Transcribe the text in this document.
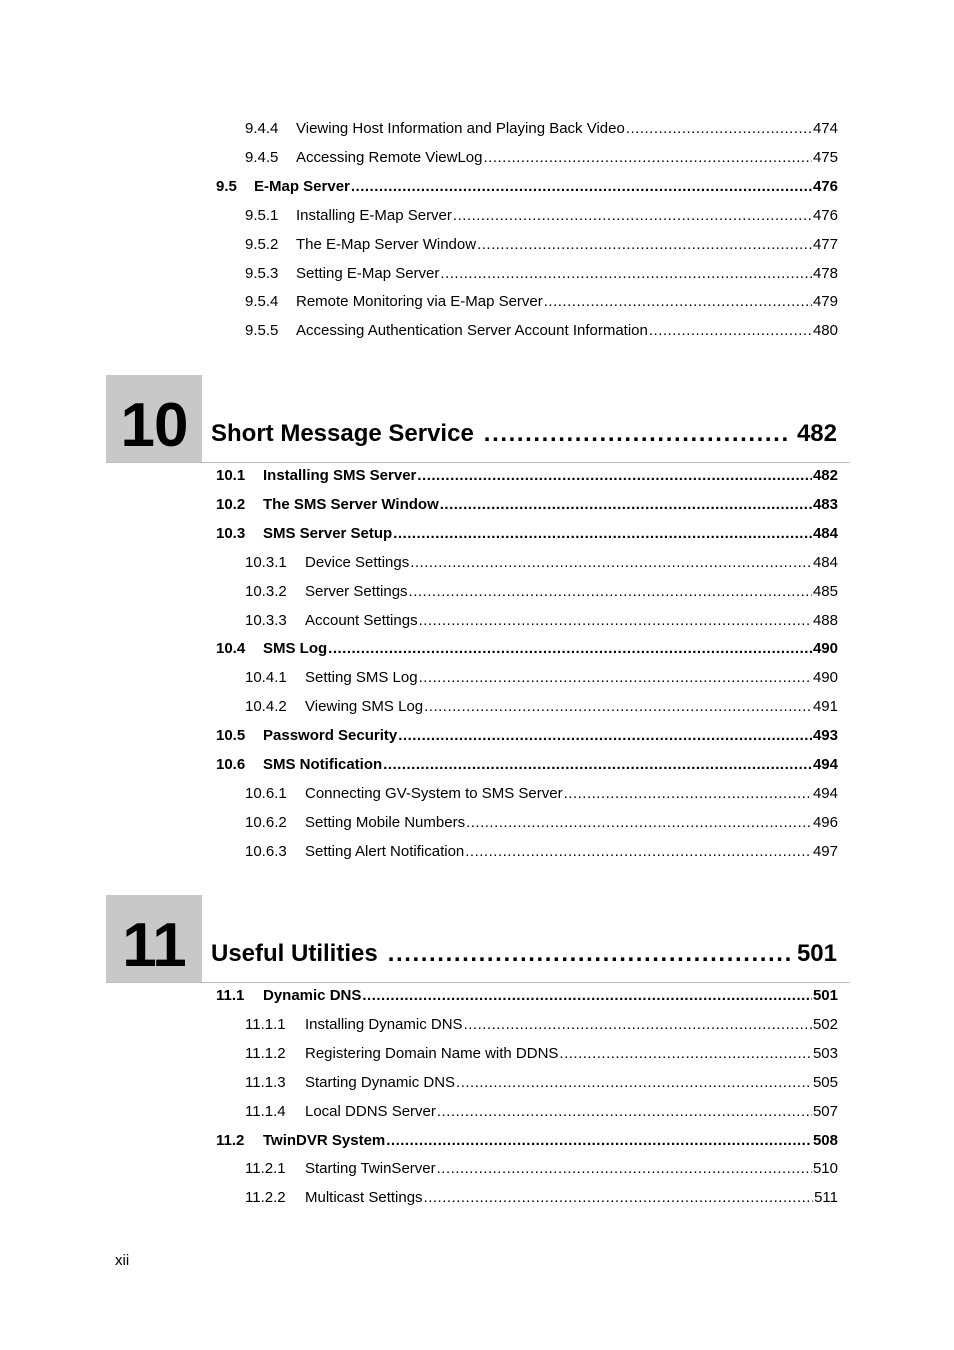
9.4.4	Viewing Host Information and Playing Back Video .....	474
9.4.5	Accessing Remote ViewLog .....	475
9.5	E-Map Server .....	476
9.5.1	Installing E-Map Server .....	476
9.5.2	The E-Map Server Window .....	477
9.5.3	Setting E-Map Server .....	478
9.5.4	Remote Monitoring via E-Map Server .....	479
9.5.5	Accessing Authentication Server Account Information .....	480
10 Short Message Service .....	482
10.1	Installing SMS Server .....	482
10.2	The SMS Server Window .....	483
10.3	SMS Server Setup .....	484
10.3.1	Device Settings .....	484
10.3.2	Server Settings .....	485
10.3.3	Account Settings .....	488
10.4	SMS Log .....	490
10.4.1	Setting SMS Log .....	490
10.4.2	Viewing SMS Log .....	491
10.5	Password Security .....	493
10.6	SMS Notification .....	494
10.6.1	Connecting GV-System to SMS Server .....	494
10.6.2	Setting Mobile Numbers .....	496
10.6.3	Setting Alert Notification .....	497
11	Useful Utilities .....	501
11.1	Dynamic DNS .....	501
11.1.1	Installing Dynamic DNS .....	502
11.1.2	Registering Domain Name with DDNS .....	503
11.1.3	Starting Dynamic DNS .....	505
11.1.4	Local DDNS Server .....	507
11.2	TwinDVR System .....	508
11.2.1	Starting TwinServer .....	510
11.2.2	Multicast Settings .....	511
xii
